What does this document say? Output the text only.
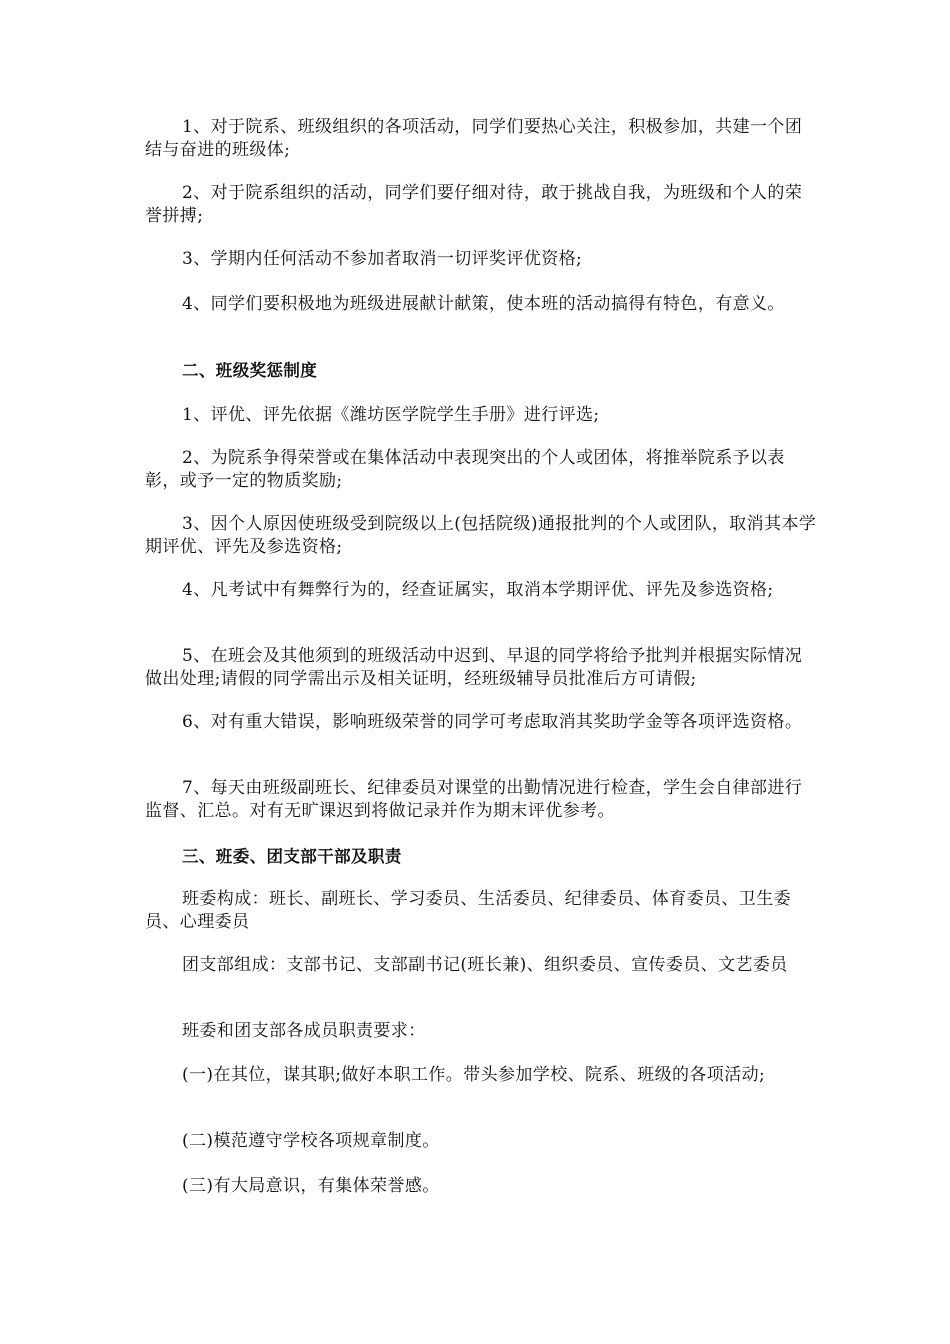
1、对于院系、班级组织的各项活动，同学们要热心关注，积极参加，共建一个团结与奋进的班级体;

2、对于院系组织的活动，同学们要仔细对待，敢于挑战自我，为班级和个人的荣誉拼搏;

3、学期内任何活动不参加者取消一切评奖评优资格;

4、同学们要积极地为班级进展献计献策，使本班的活动搞得有特色，有意义。

二、班级奖惩制度

1、评优、评先依据《潍坊医学院学生手册》进行评选;

2、为院系争得荣誉或在集体活动中表现突出的个人或团体，将推举院系予以表彰，或予一定的物质奖励;

3、因个人原因使班级受到院级以上(包括院级)通报批判的个人或团队，取消其本学期评优、评先及参选资格;

4、凡考试中有舞弊行为的，经查证属实，取消本学期评优、评先及参选资格;

5、在班会及其他须到的班级活动中迟到、早退的同学将给予批判并根据实际情况做出处理;请假的同学需出示及相关证明，经班级辅导员批准后方可请假;

6、对有重大错误，影响班级荣誉的同学可考虑取消其奖助学金等各项评选资格。

7、每天由班级副班长、纪律委员对课堂的出勤情况进行检查，学生会自律部进行监督、汇总。对有无旷课迟到将做记录并作为期末评优参考。

三、班委、团支部干部及职责

班委构成：班长、副班长、学习委员、生活委员、纪律委员、体育委员、卫生委员、心理委员

团支部组成：支部书记、支部副书记(班长兼)、组织委员、宣传委员、文艺委员

班委和团支部各成员职责要求：

(一)在其位，谋其职;做好本职工作。带头参加学校、院系、班级的各项活动;

(二)模范遵守学校各项规章制度。

(三)有大局意识，有集体荣誉感。
